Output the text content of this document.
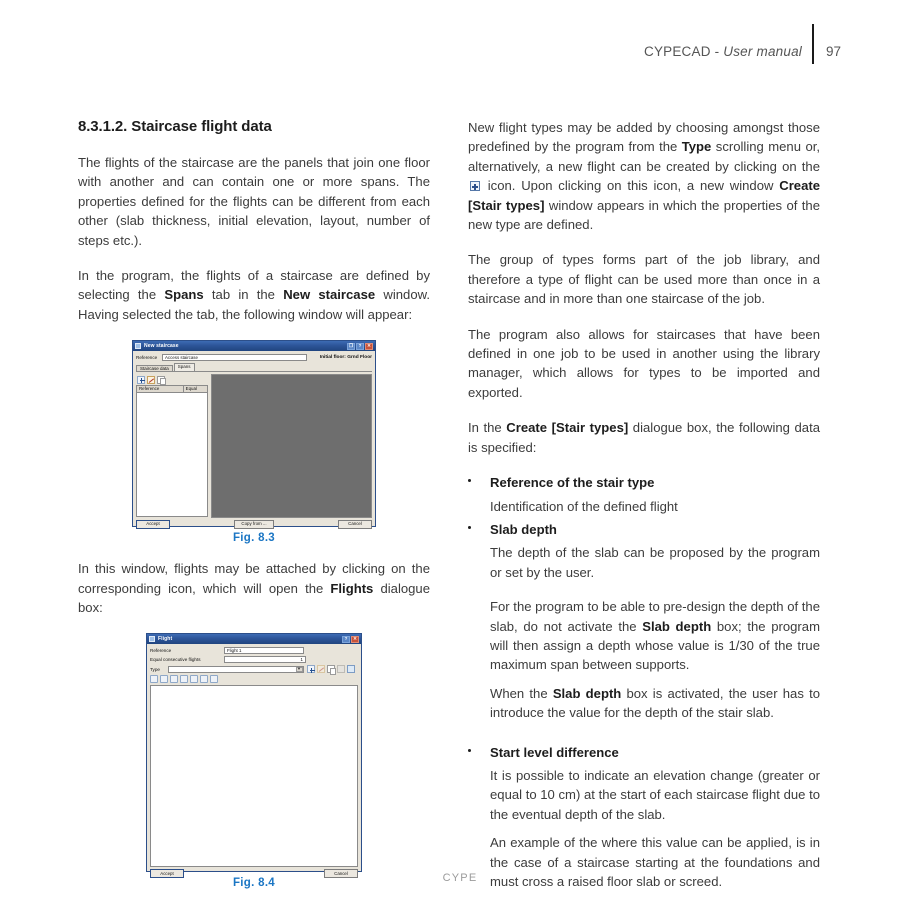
CYPECAD - User manual 97
8.3.1.2. Staircase flight data

The flights of the staircase are the panels that join one floor with another and can contain one or more spans. The properties defined for the flights can be different from each other (slab thickness, initial elevation, layout, number of steps etc.).

In the program, the flights of a staircase are defined by selecting the Spans tab in the New staircase window. Having selected the tab, the following window will appear:

New staircase	❐	?	✕
Reference	Access staircase	Initial floor: Grnd Floor
Staircase data	Spans
Reference	Equal
Accept	Copy from ...	Cancel
Fig. 8.3

In this window, flights may be attached by clicking on the corresponding icon, which will open the Flights dialogue box:

Flight	?	✕
Reference	Flight 1
Equal consecutive flights	1
Type	▼
Accept	Cancel
Fig. 8.4

New flight types may be added by choosing amongst those predefined by the program from the Type scrolling menu or, alternatively, a new flight can be created by clicking on the  icon. Upon clicking on this icon, a new window Create [Stair types] window appears in which the properties of the new type are defined.

The group of types forms part of the job library, and therefore a type of flight can be used more than once in a staircase and in more than one staircase of the job.

The program also allows for staircases that have been defined in one job to be used in another using the library manager, which allows for types to be imported and exported.

In the Create [Stair types] dialogue box, the following data is specified:

Reference of the stair type
Identification of the defined flight
Slab depth
The depth of the slab can be proposed by the program or set by the user.
For the program to be able to pre-design the depth of the slab, do not activate the Slab depth box; the program will then assign a depth whose value is 1/30 of the true maximum span between supports.
When the Slab depth box is activated, the user has to introduce the value for the depth of the stair slab.
Start level difference
It is possible to indicate an elevation change (greater or equal to 10 cm) at the start of each staircase flight due to the eventual depth of the slab.
An example of the where this value can be applied, is in the case of a staircase starting at the foundations and must cross a raised floor slab or screed.
CYPE
